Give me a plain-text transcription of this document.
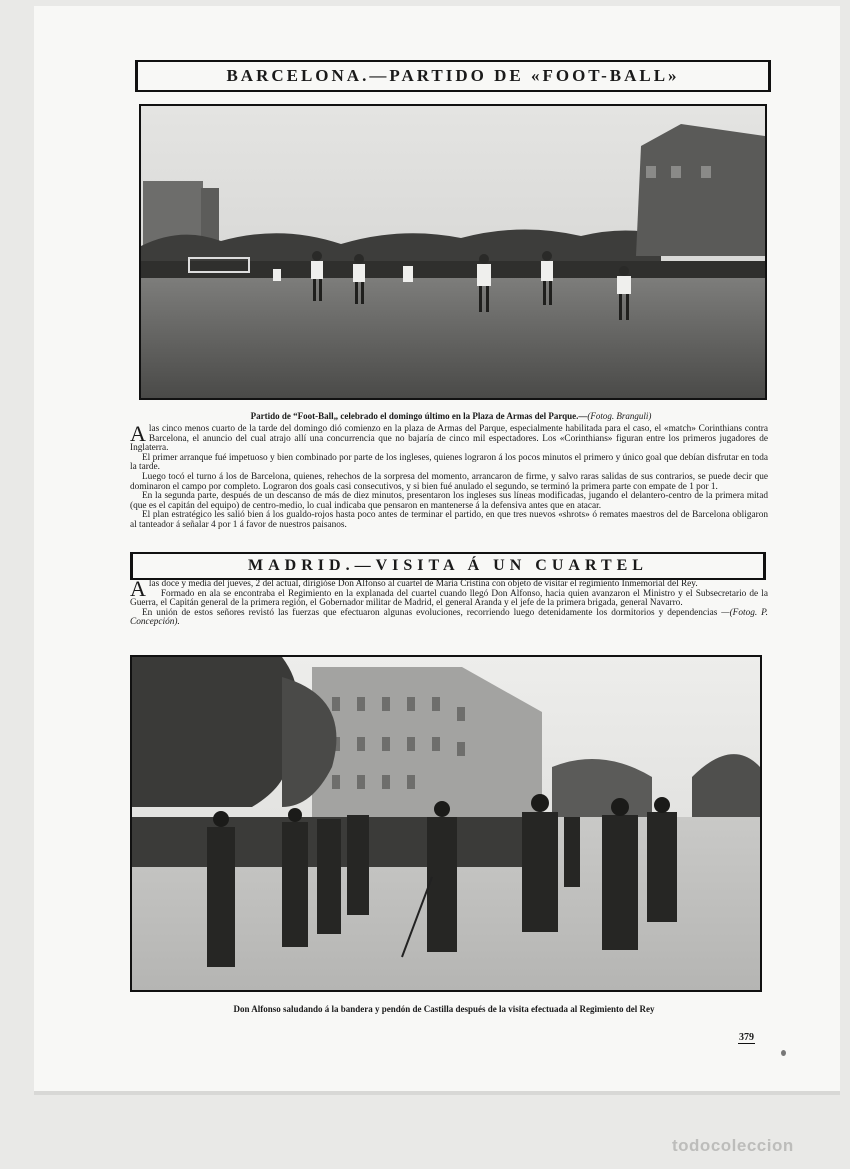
BARCELONA.—PARTIDO DE «FOOT-BALL»
Partido de “Foot-Ball„ celebrado el domingo último en la Plaza de Armas del Parque.—(Fotog. Branguli)

Alas cinco menos cuarto de la tarde del domingo dió comienzo en la plaza de Armas del Parque, especialmente habilitada para el caso, el «match» Corinthians contra Barcelona, el anuncio del cual atrajo allí una concurrencia que no bajaría de cinco mil espectadores. Los «Corinthians» figuran entre los primeros jugadores de Inglaterra.

El primer arranque fué impetuoso y bien combinado por parte de los ingleses, quienes lograron á los pocos minutos el primero y único goal que debían disfrutar en toda la tarde.

Luego tocó el turno á los de Barcelona, quienes, rehechos de la sorpresa del momento, arrancaron de firme, y salvo raras salidas de sus contrarios, se puede decir que dominaron el campo por completo. Lograron dos goals casi consecutivos, y si bien fué anulado el segundo, se terminó la primera parte con empate de 1 por 1.

En la segunda parte, después de un descanso de más de diez minutos, presentaron los ingleses sus líneas modificadas, jugando el delantero-centro de la primera mitad (que es el capitán del equipo) de centro-medio, lo cual indicaba que pensaron en mantenerse á la defensiva antes que en atacar.

El plan estratégico les salió bien á los gualdo-rojos hasta poco antes de terminar el partido, en que tres nuevos «shrots» ó remates maestros del de Barcelona obligaron al tanteador á señalar 4 por 1 á favor de nuestros paisanos.

MADRID.—VISITA Á UN CUARTEL

Alas doce y media del jueves, 2 del actual, dirigióse Don Alfonso al cuartel de María Cristina con objeto de visitar el regimiento Inmemorial del Rey.

Formado en ala se encontraba el Regimiento en la explanada del cuartel cuando llegó Don Alfonso, hacia quien avanzaron el Ministro y el Subsecretario de la Guerra, el Capitán general de la primera región, el Gobernador militar de Madrid, el general Aranda y el jefe de la primera brigada, general Navarro.

En unión de estos señores revistó las fuerzas que efectuaron algunas evoluciones, recorriendo luego detenidamente los dormitorios y dependencias —(Fotog. P. Concepción).

Don Alfonso saludando á la bandera y pendón de Castilla después de la visita efectuada al Regimiento del Rey
379
todocoleccion
